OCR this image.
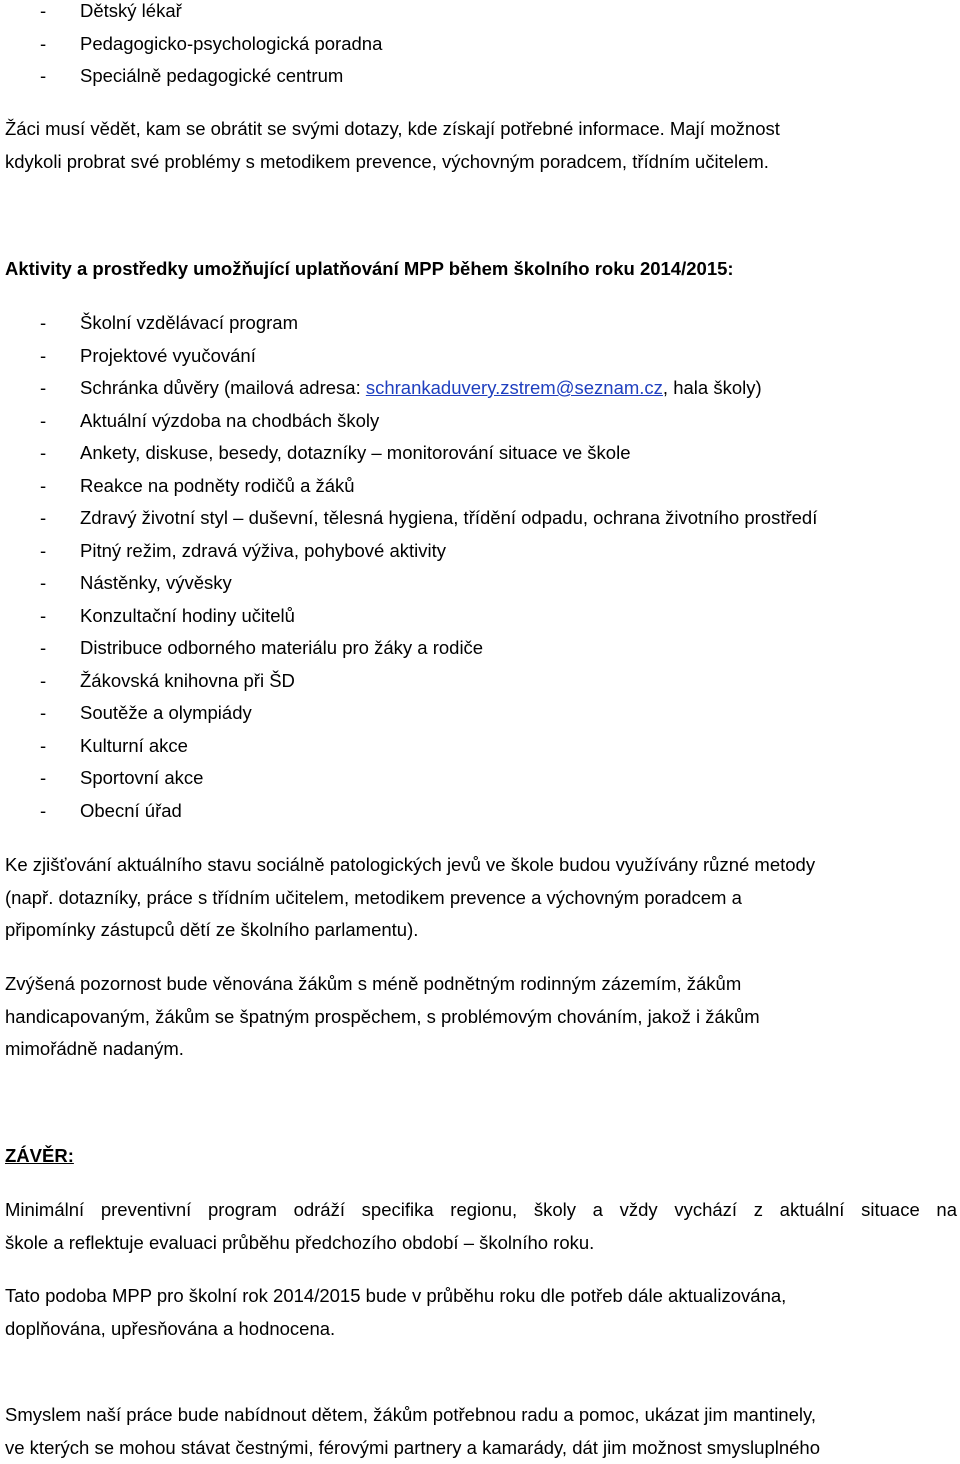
- Dětský lékař
- Pedagogicko-psychologická poradna
- Speciálně pedagogické centrum

Žáci musí vědět, kam se obrátit se svými dotazy, kde získají potřebné informace. Mají možnost
kdykoli probrat své problémy s metodikem prevence, výchovným poradcem, třídním učitelem.

Aktivity a prostředky umožňující uplatňování MPP během školního roku 2014/2015:
- Školní vzdělávací program
- Projektové vyučování
- Schránka důvěry (mailová adresa: schrankaduvery.zstrem@seznam.cz, hala školy)
- Aktuální výzdoba na chodbách školy
- Ankety, diskuse, besedy, dotazníky – monitorování situace ve škole
- Reakce na podněty rodičů a žáků
- Zdravý životní styl – duševní, tělesná hygiena, třídění odpadu, ochrana životního prostředí
- Pitný režim, zdravá výživa, pohybové aktivity
- Nástěnky, vývěsky
- Konzultační hodiny učitelů
- Distribuce odborného materiálu pro žáky a rodiče
- Žákovská knihovna při ŠD
- Soutěže a olympiády
- Kulturní akce
- Sportovní akce
- Obecní úřad

Ke zjišťování aktuálního stavu sociálně patologických jevů ve škole budou využívány různé metody
(např. dotazníky, práce s třídním učitelem, metodikem prevence a výchovným poradcem a
připomínky zástupců dětí ze školního parlamentu).

Zvýšená pozornost bude věnována žákům s méně podnětným rodinným zázemím, žákům
handicapovaným, žákům se špatným prospěchem, s problémovým chováním, jakož i žákům
mimořádně nadaným.

ZÁVĚR:

Minimální preventivní program odráží specifika regionu, školy a vždy vychází z aktuální situace na
škole a reflektuje evaluaci průběhu předchozího období – školního roku.

Tato podoba MPP pro školní rok 2014/2015 bude v průběhu roku dle potřeb dále aktualizována,
doplňována, upřesňována a hodnocena.

Smyslem naší práce bude nabídnout dětem, žákům potřebnou radu a pomoc, ukázat jim mantinely,
ve kterých se mohou stávat čestnými, férovými partnery a kamarády, dát jim možnost smysluplného
